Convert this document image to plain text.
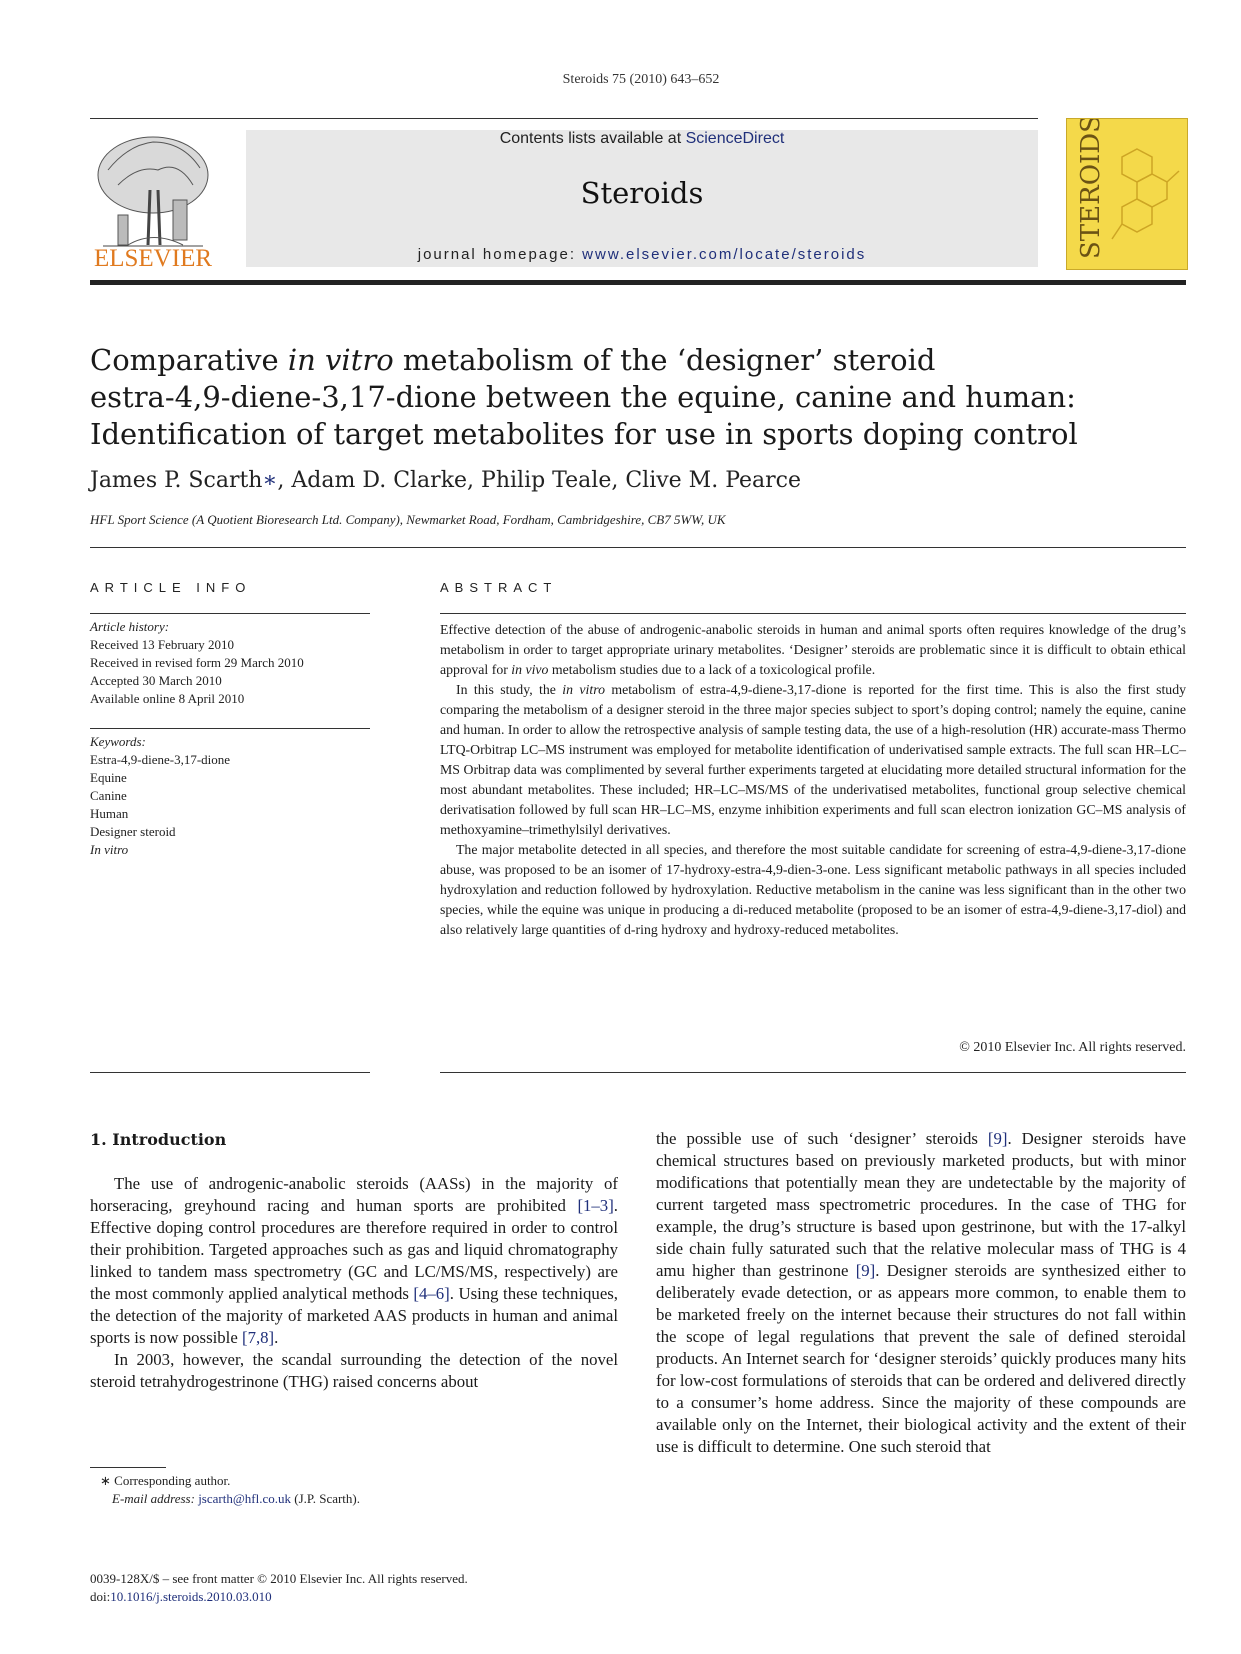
Steroids 75 (2010) 643–652
ELSEVIER
Contents lists available at ScienceDirect
Steroids
journal homepage: www.elsevier.com/locate/steroids	STEROIDS
Comparative in vitro metabolism of the ‘designer’ steroid
estra-4,9-diene-3,17-dione between the equine, canine and human:
Identification of target metabolites for use in sports doping control
James P. Scarth∗, Adam D. Clarke, Philip Teale, Clive M. Pearce
HFL Sport Science (A Quotient Bioresearch Ltd. Company), Newmarket Road, Fordham, Cambridgeshire, CB7 5WW, UK
ARTICLE INFO	ABSTRACT
Article history:
Received 13 February 2010
Received in revised form 29 March 2010
Accepted 30 March 2010
Available online 8 April 2010
Keywords:
Estra-4,9-diene-3,17-dione
Equine
Canine
Human
Designer steroid
In vitro

Effective detection of the abuse of androgenic-anabolic steroids in human and animal sports often requires knowledge of the drug’s metabolism in order to target appropriate urinary metabolites. ‘Designer’ steroids are problematic since it is difficult to obtain ethical approval for in vivo metabolism studies due to a lack of a toxicological profile.

In this study, the in vitro metabolism of estra-4,9-diene-3,17-dione is reported for the first time. This is also the first study comparing the metabolism of a designer steroid in the three major species subject to sport’s doping control; namely the equine, canine and human. In order to allow the retrospective analysis of sample testing data, the use of a high-resolution (HR) accurate-mass Thermo LTQ-Orbitrap LC–MS instrument was employed for metabolite identification of underivatised sample extracts. The full scan HR–LC–MS Orbitrap data was complimented by several further experiments targeted at elucidating more detailed structural information for the most abundant metabolites. These included; HR–LC–MS/MS of the underivatised metabolites, functional group selective chemical derivatisation followed by full scan HR–LC–MS, enzyme inhibition experiments and full scan electron ionization GC–MS analysis of methoxyamine–trimethylsilyl derivatives.

The major metabolite detected in all species, and therefore the most suitable candidate for screening of estra-4,9-diene-3,17-dione abuse, was proposed to be an isomer of 17-hydroxy-estra-4,9-dien-3-one. Less significant metabolic pathways in all species included hydroxylation and reduction followed by hydroxylation. Reductive metabolism in the canine was less significant than in the other two species, while the equine was unique in producing a di-reduced metabolite (proposed to be an isomer of estra-4,9-diene-3,17-diol) and also relatively large quantities of d-ring hydroxy and hydroxy-reduced metabolites.

© 2010 Elsevier Inc. All rights reserved.
1. Introduction

The use of androgenic-anabolic steroids (AASs) in the majority of horseracing, greyhound racing and human sports are prohibited [1–3]. Effective doping control procedures are therefore required in order to control their prohibition. Targeted approaches such as gas and liquid chromatography linked to tandem mass spectrometry (GC and LC/MS/MS, respectively) are the most commonly applied analytical methods [4–6]. Using these techniques, the detection of the majority of marketed AAS products in human and animal sports is now possible [7,8].

In 2003, however, the scandal surrounding the detection of the novel steroid tetrahydrogestrinone (THG) raised concerns about

the possible use of such ‘designer’ steroids [9]. Designer steroids have chemical structures based on previously marketed products, but with minor modifications that potentially mean they are undetectable by the majority of current targeted mass spectrometric procedures. In the case of THG for example, the drug’s structure is based upon gestrinone, but with the 17-alkyl side chain fully saturated such that the relative molecular mass of THG is 4 amu higher than gestrinone [9]. Designer steroids are synthesized either to deliberately evade detection, or as appears more common, to enable them to be marketed freely on the internet because their structures do not fall within the scope of legal regulations that prevent the sale of defined steroidal products. An Internet search for ‘designer steroids’ quickly produces many hits for low-cost formulations of steroids that can be ordered and delivered directly to a consumer’s home address. Since the majority of these compounds are available only on the Internet, their biological activity and the extent of their use is difficult to determine. One such steroid that

∗ Corresponding author.
E-mail address: jscarth@hfl.co.uk (J.P. Scarth).
0039-128X/$ – see front matter © 2010 Elsevier Inc. All rights reserved.
doi:10.1016/j.steroids.2010.03.010
